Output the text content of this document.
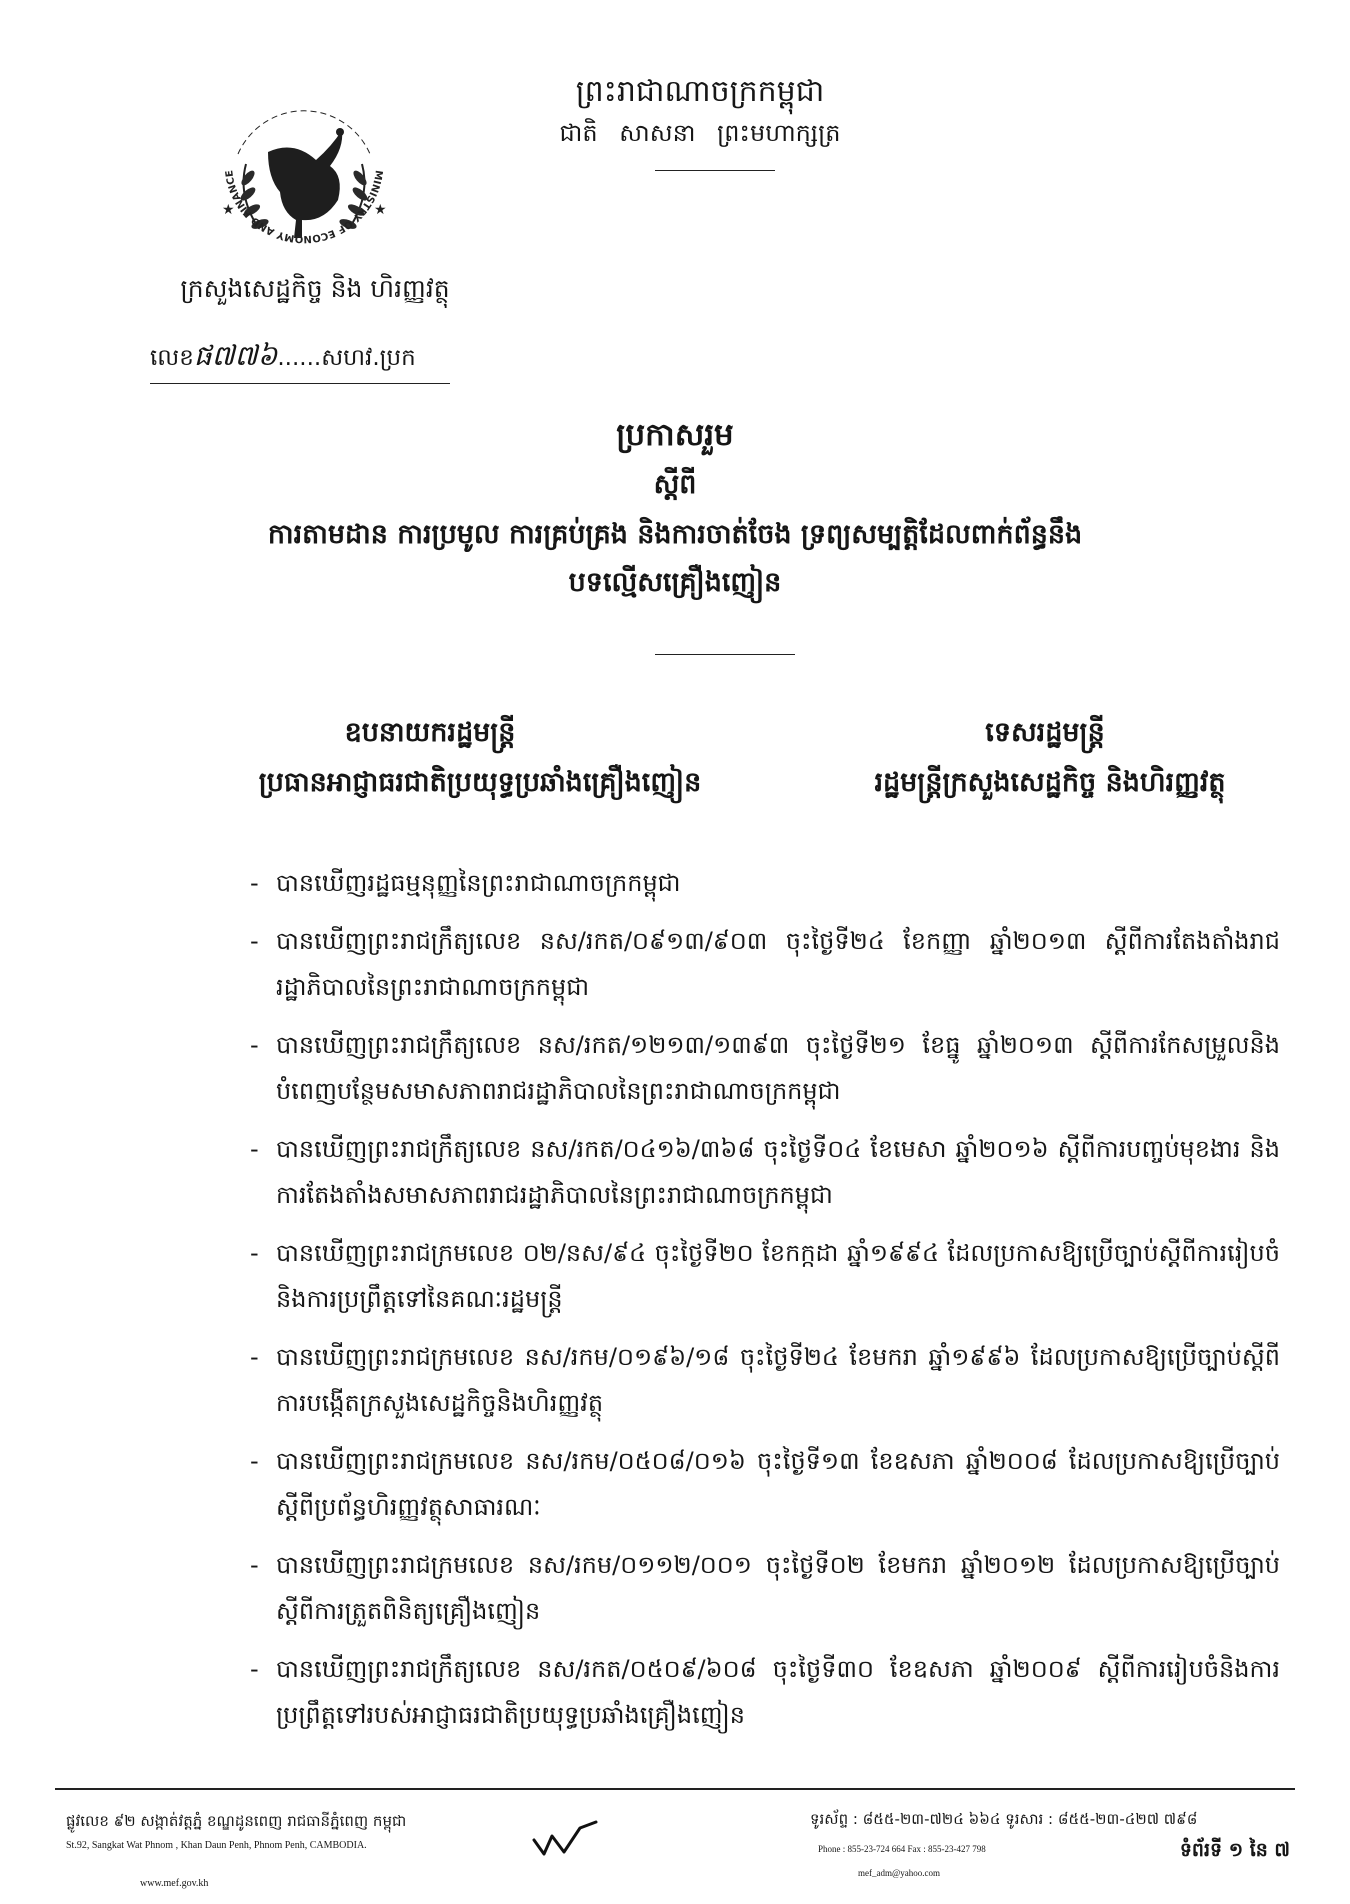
★	★
MINISTRY OF ECONOMY AND FINANCE
ក្រសួងសេដ្ឋកិច្ច និង ហិរញ្ញវត្ថុ
លេខផ៧៧៦......សហវ.ប្រក
ព្រះរាជាណាចក្រកម្ពុជា
ជាតិ សាសនា ព្រះមហាក្សត្រ
ប្រកាសរួម
ស្តីពី
ការតាមដាន ការប្រមូល ការគ្រប់គ្រង និងការចាត់ចែង ទ្រព្យសម្បត្តិដែលពាក់ព័ន្ធនឹង
បទល្មើសគ្រឿងញៀន
ឧបនាយករដ្ឋមន្ត្រី
ប្រធានអាជ្ញាធរជាតិប្រយុទ្ធប្រឆាំងគ្រឿងញៀន
ទេសរដ្ឋមន្ត្រី
រដ្ឋមន្ត្រីក្រសួងសេដ្ឋកិច្ច និងហិរញ្ញវត្ថុ
- បានឃើញរដ្ឋធម្មនុញ្ញនៃព្រះរាជាណាចក្រកម្ពុជា
- បានឃើញព្រះរាជក្រឹត្យលេខ នស/រកត/០៩១៣/៩០៣ ចុះថ្ងៃទី២៤ ខែកញ្ញា ឆ្នាំ២០១៣ ស្តីពីការតែងតាំងរាជរដ្ឋាភិបាលនៃព្រះរាជាណាចក្រកម្ពុជា
- បានឃើញព្រះរាជក្រឹត្យលេខ នស/រកត/១២១៣/១៣៩៣ ចុះថ្ងៃទី២១ ខែធ្នូ ឆ្នាំ២០១៣ ស្តីពីការកែសម្រួលនិងបំពេញបន្ថែមសមាសភាពរាជរដ្ឋាភិបាលនៃព្រះរាជាណាចក្រកម្ពុជា
- បានឃើញព្រះរាជក្រឹត្យលេខ នស/រកត/០៤១៦/៣៦៨ ចុះថ្ងៃទី០៤ ខែមេសា ឆ្នាំ២០១៦ ស្តីពីការបញ្ចប់មុខងារ និងការតែងតាំងសមាសភាពរាជរដ្ឋាភិបាលនៃព្រះរាជាណាចក្រកម្ពុជា
- បានឃើញព្រះរាជក្រមលេខ ០២/នស/៩៤ ចុះថ្ងៃទី២០ ខែកក្កដា ឆ្នាំ១៩៩៤ ដែលប្រកាសឱ្យប្រើច្បាប់ស្តីពីការរៀបចំ និងការប្រព្រឹត្តទៅនៃគណៈរដ្ឋមន្ត្រី
- បានឃើញព្រះរាជក្រមលេខ នស/រកម/០១៩៦/១៨ ចុះថ្ងៃទី២៤ ខែមករា ឆ្នាំ១៩៩៦ ដែលប្រកាសឱ្យប្រើច្បាប់ស្តីពីការបង្កើតក្រសួងសេដ្ឋកិច្ចនិងហិរញ្ញវត្ថុ
- បានឃើញព្រះរាជក្រមលេខ នស/រកម/០៥០៨/០១៦ ចុះថ្ងៃទី១៣ ខែឧសភា ឆ្នាំ២០០៨ ដែលប្រកាសឱ្យប្រើច្បាប់ស្តីពីប្រព័ន្ធហិរញ្ញវត្ថុសាធារណៈ
- បានឃើញព្រះរាជក្រមលេខ នស/រកម/០១១២/០០១ ចុះថ្ងៃទី០២ ខែមករា ឆ្នាំ២០១២ ដែលប្រកាសឱ្យប្រើច្បាប់ស្តីពីការត្រួតពិនិត្យគ្រឿងញៀន
- បានឃើញព្រះរាជក្រឹត្យលេខ នស/រកត/០៥០៩/៦០៨ ចុះថ្ងៃទី៣០ ខែឧសភា ឆ្នាំ២០០៩ ស្តីពីការរៀបចំនិងការប្រព្រឹត្តទៅរបស់អាជ្ញាធរជាតិប្រយុទ្ធប្រឆាំងគ្រឿងញៀន
ផ្លូវលេខ ៩២ សង្កាត់វត្តភ្នំ ខណ្ឌដូនពេញ រាជធានីភ្នំពេញ កម្ពុជា
St.92, Sangkat Wat Phnom , Khan Daun Penh, Phnom Penh, CAMBODIA.
www.mef.gov.kh
ទូរស័ព្ទ : ៨៥៥-២៣-៧២៤ ៦៦៤ ទូរសារ : ៨៥៥-២៣-៤២៧ ៧៩៨
Phone : 855-23-724 664 Fax : 855-23-427 798
mef_adm@yahoo.com
ទំព័រទី ១ នៃ ៧
